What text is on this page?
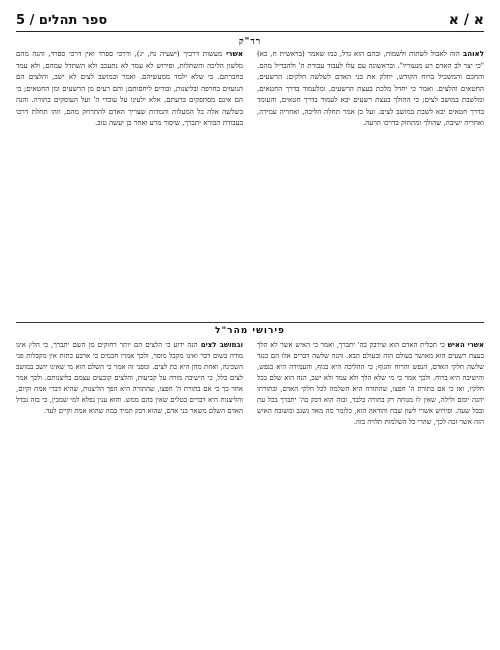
5 / ספר תהלים	א / א
רד"ק

לאוהב הזה לאבול לשתות ולשמוח, ובהם הוא גדל, כמו שאמר (בראשית ח, כא) "כי יצר לב האדם רע מנעוריו". ובראשונה עם עלו לעבוד עבודת ה' ולהבדיל מהם. והחכם והמשכיל ברוח הקודש, יחלק את בני האדם לשלשה חלקים: הרשעים, החטאים והלצים. ואמר כי יחדל מלכת בעצת הרשעים, ומלעמוד בדרך החטאים, ומלשבת במושב לצים; כי ההולך בעצת רשעים יבא לעמוד בדרך חטאים, והעומד בדרך חטאים יבא לשבת במושב לצים. ועל כן אמר תחלה הליכה, ואחריה עמידה, ואחריה ישיבה, שהולך ומתחזק בדרכו הרעה.

אשרי מעשות דרכיך (ישעיה נח, יג), ודרכי ספרד ואין דרכי ספרד, והנה מהם מלשון הליכה והשתלות, ופירוש לא עמד לא נתעכב ולא השתדל עמהם, ולא עמד בחברתם. כי שלא ילמד ממעשיהם. ואמר ובמושב לצים לא ישב, והלצים הם הנועזים בחרפה ובליצנות, ובודים ליחסותם; והם רעים מן הרשעים ומן החטאים; כי הם אינם מסתפקים ברעתם, אלא ילעיגו על עובדי ה' ועל העוסקים בתורה. והנה בשלשה אלה כל המעלות והמדות שצריך האדם להתרחק מהם, וזהו תחלת דרכו בעבודת הבורא יתברך, שיסור מרע ואחר כן יעשה טוב.

פירושי מהר"ל

אשרי האיש כי תכלית האדם הוא שידבק בה' יתברך, ואמר כי האיש אשר לא הלך בעצת רשעים הוא מאושר בעולם הזה ובעולם הבא. והנה שלשה דברים אלו הם כנגד שלשה חלקי האדם, הנפש והרוח והגוף; כי ההליכה היא בגוף, והעמידה היא בנפש, והישיבה היא ברוח. ולכך אמר כי מי שלא הלך ולא עמד ולא ישב, הנה הוא שלם בכל חלקיו, ואז כי אם בתורת ה' חפצו, שהתורה היא השלמה לכל חלקי האדם, ובתורתו יהגה יומם ולילה, שאין לו מנוחה רק בתורה בלבד, ובזה הוא דבק בה' יתברך בכל עת ובכל שעה. ופירוש אשרי לשון שבח והודאה הוא, כלומר מה מאד נשגב ומשובח האיש הזה אשר זכה לכך, שהרי כל השלמות תלויה בזה.

ובמושב לצים הנה ידוע כי הלצים הם יותר רחוקים מן השם יתברך, כי הלץ אינו מודה בשום דבר ואינו מקבל מוסר, ולכך אמרו חכמים כי ארבע כתות אין מקבלות פני השכינה, ואחת מהן היא כת לצים. ומפני זה אמר כי השלם הוא מי שאינו יושב במושב לצים כלל, כי הישיבה מורה על קביעות, והלצים קובעים עצמם בליצנותם. ולכך אמר אחר כך כי אם בתורת ה' חפצו, שהתורה היא הפך הליצנות, שהיא דברי אמת וקיום, והליצנות היא דברים בטלים שאין בהם ממש. והוא ענין נפלא למי שמבין, כי בזה נבדל האדם השלם משאר בני אדם, שהוא דבק תמיד במה שהוא אמת וקיים לעד.
